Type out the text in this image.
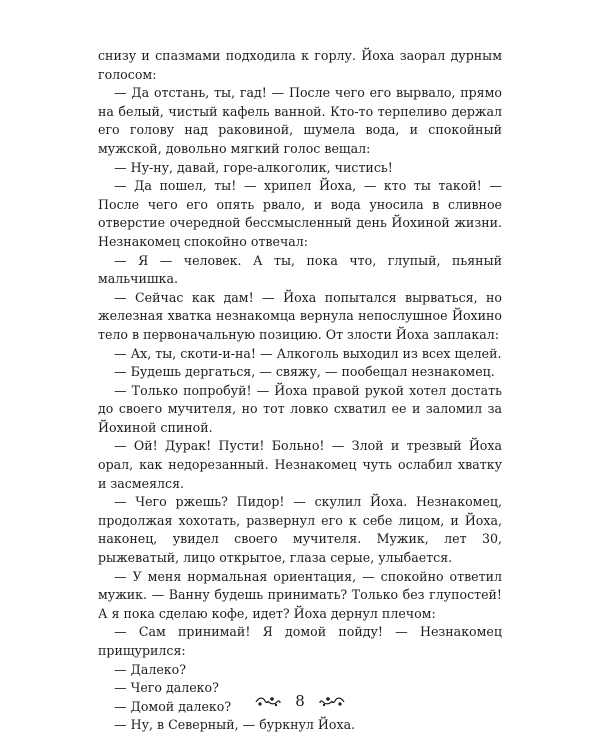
снизу и спазмами подходила к горлу. Йоха заорал дурным голосом:

— Да отстань, ты, гад! — После чего его вырвало, прямо на белый, чистый кафель ванной. Кто-то терпеливо держал его голову над раковиной, шумела вода, и спокойный мужской, довольно мягкий голос вещал:

— Ну-ну, давай, горе-алкоголик, чистись!

— Да пошел, ты! — хрипел Йоха, — кто ты такой! — После чего его опять рвало, и вода уносила в сливное отверстие очередной бессмысленный день Йохиной жизни. Незнакомец спокойно отвечал:

— Я — человек. А ты, пока что, глупый, пьяный мальчишка.

— Сейчас как дам! — Йоха попытался вырваться, но железная хватка незнакомца вернула непослушное Йохино тело в первоначальную позицию. От злости Йоха заплакал:

— Ах, ты, скоти-и-на! — Алкоголь выходил из всех щелей.

— Будешь дергаться, — свяжу, — пообещал незнакомец.

— Только попробуй! — Йоха правой рукой хотел достать до своего мучителя, но тот ловко схватил ее и заломил за Йохиной спиной.

— Ой! Дурак! Пусти! Больно! — Злой и трезвый Йоха орал, как недорезанный. Незнакомец чуть ослабил хватку и засмеялся.

— Чего ржешь? Пидор! — скулил Йоха. Незнакомец, продолжая хохотать, развернул его к себе лицом, и Йоха, наконец, увидел своего мучителя. Мужик, лет 30, рыжеватый, лицо открытое, глаза серые, улыбается.

— У меня нормальная ориентация, — спокойно ответил мужик. — Ванну будешь принимать? Только без глупостей! А я пока сделаю кофе, идет? Йоха дернул плечом:

— Сам принимай! Я домой пойду! — Незнакомец прищурился:

— Далеко?

— Чего далеко?

— Домой далеко?

— Ну, в Северный, — буркнул Йоха.

8
